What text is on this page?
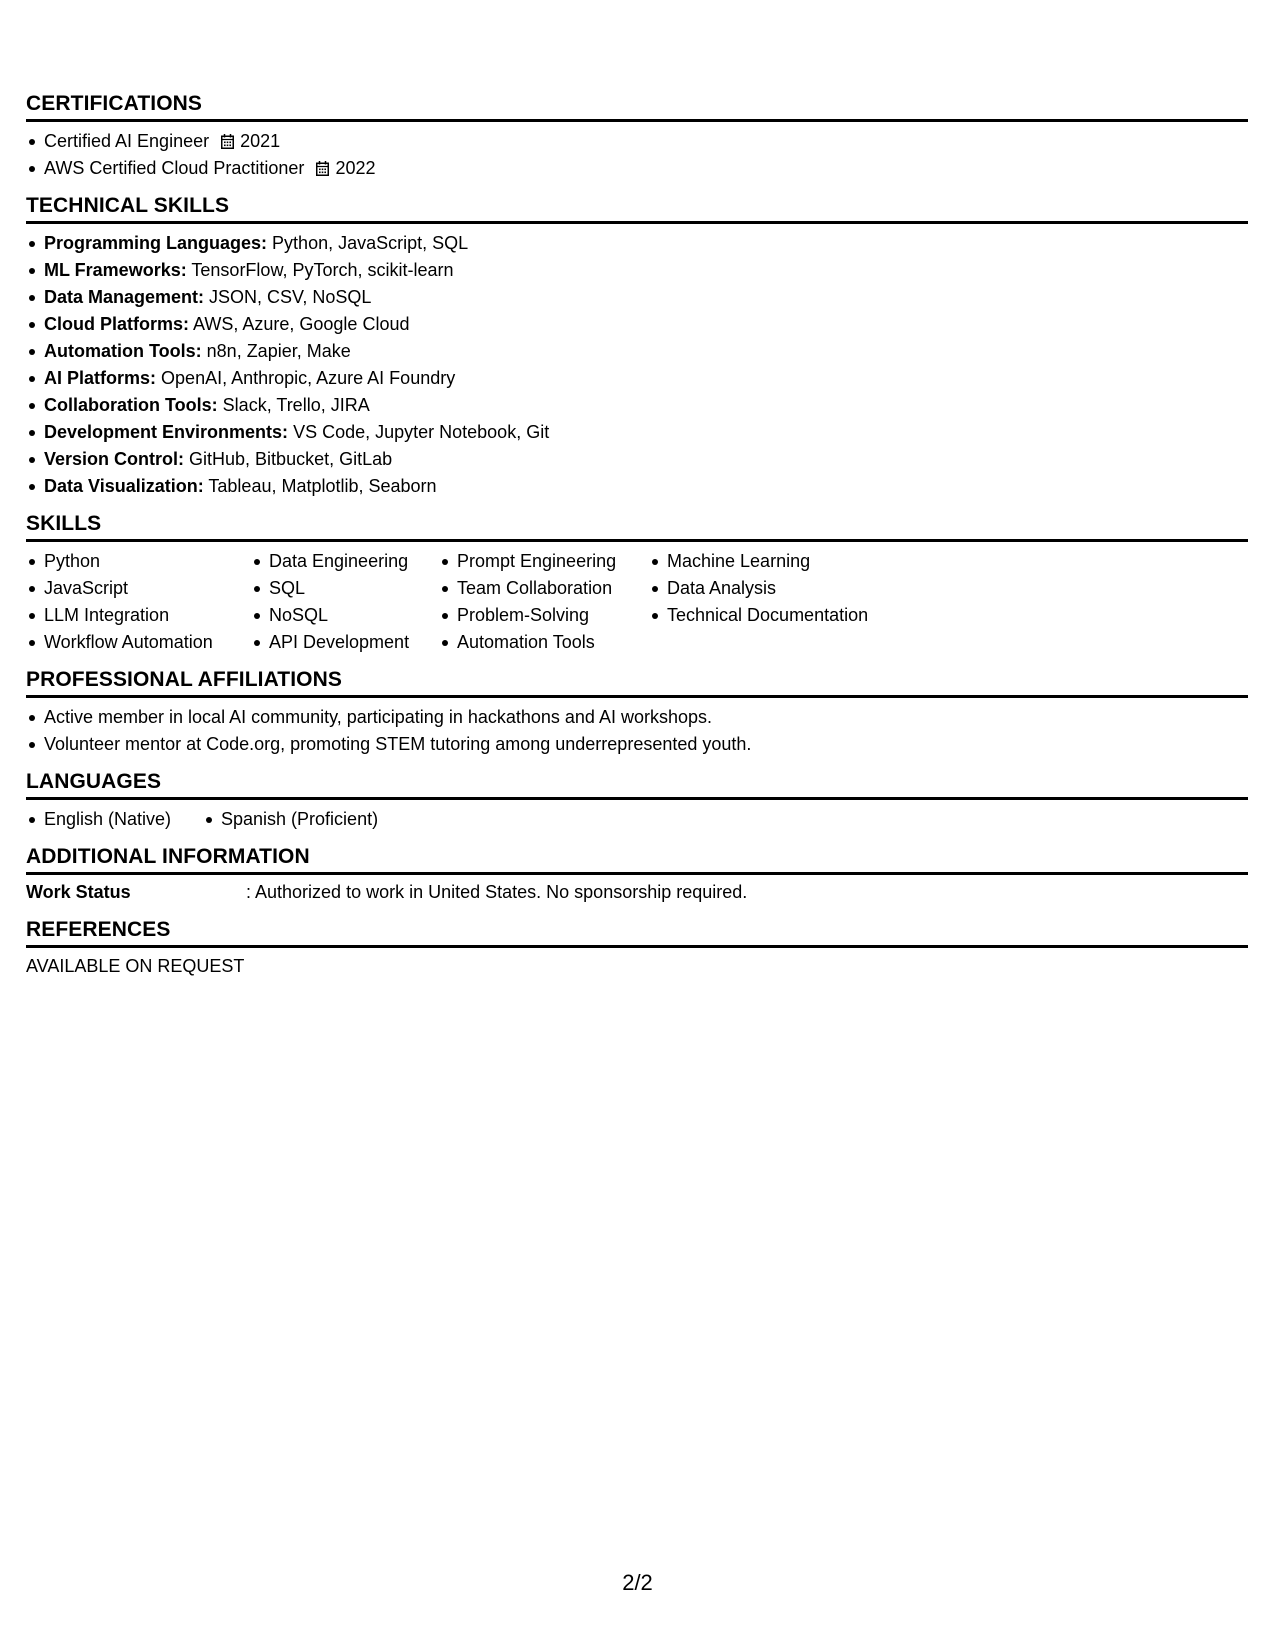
CERTIFICATIONS
Certified AI Engineer 2021
AWS Certified Cloud Practitioner 2022
TECHNICAL SKILLS
Programming Languages: Python, JavaScript, SQL
ML Frameworks: TensorFlow, PyTorch, scikit-learn
Data Management: JSON, CSV, NoSQL
Cloud Platforms: AWS, Azure, Google Cloud
Automation Tools: n8n, Zapier, Make
AI Platforms: OpenAI, Anthropic, Azure AI Foundry
Collaboration Tools: Slack, Trello, JIRA
Development Environments: VS Code, Jupyter Notebook, Git
Version Control: GitHub, Bitbucket, GitLab
Data Visualization: Tableau, Matplotlib, Seaborn
SKILLS
Python
JavaScript
LLM Integration
Workflow Automation
Data Engineering
SQL
NoSQL
API Development
Prompt Engineering
Team Collaboration
Problem-Solving
Automation Tools
Machine Learning
Data Analysis
Technical Documentation
PROFESSIONAL AFFILIATIONS
Active member in local AI community, participating in hackathons and AI workshops.
Volunteer mentor at Code.org, promoting STEM tutoring among underrepresented youth.
LANGUAGES
English (Native)	Spanish (Proficient)
ADDITIONAL INFORMATION
Work Status	: Authorized to work in United States. No sponsorship required.
REFERENCES
AVAILABLE ON REQUEST
2/2
